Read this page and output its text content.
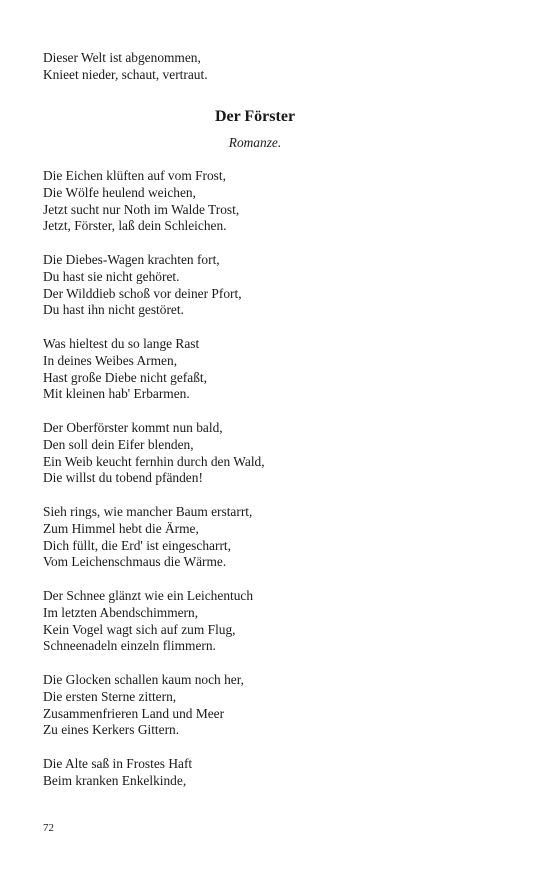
Dieser Welt ist abgenommen,
Knieet nieder, schaut, vertraut.
Der Förster
Romanze.
Die Eichen klüften auf vom Frost,
Die Wölfe heulend weichen,
Jetzt sucht nur Noth im Walde Trost,
Jetzt, Förster, laß dein Schleichen.
Die Diebes-Wagen krachten fort,
Du hast sie nicht gehöret.
Der Wilddieb schoß vor deiner Pfort,
Du hast ihn nicht gestöret.
Was hieltest du so lange Rast
In deines Weibes Armen,
Hast große Diebe nicht gefaßt,
Mit kleinen hab' Erbarmen.
Der Oberförster kommt nun bald,
Den soll dein Eifer blenden,
Ein Weib keucht fernhin durch den Wald,
Die willst du tobend pfänden!
Sieh rings, wie mancher Baum erstarrt,
Zum Himmel hebt die Ärme,
Dich füllt, die Erd' ist eingescharrt,
Vom Leichenschmaus die Wärme.
Der Schnee glänzt wie ein Leichentuch
Im letzten Abendschimmern,
Kein Vogel wagt sich auf zum Flug,
Schneenadeln einzeln flimmern.
Die Glocken schallen kaum noch her,
Die ersten Sterne zittern,
Zusammenfrieren Land und Meer
Zu eines Kerkers Gittern.
Die Alte saß in Frostes Haft
Beim kranken Enkelkinde,
72
